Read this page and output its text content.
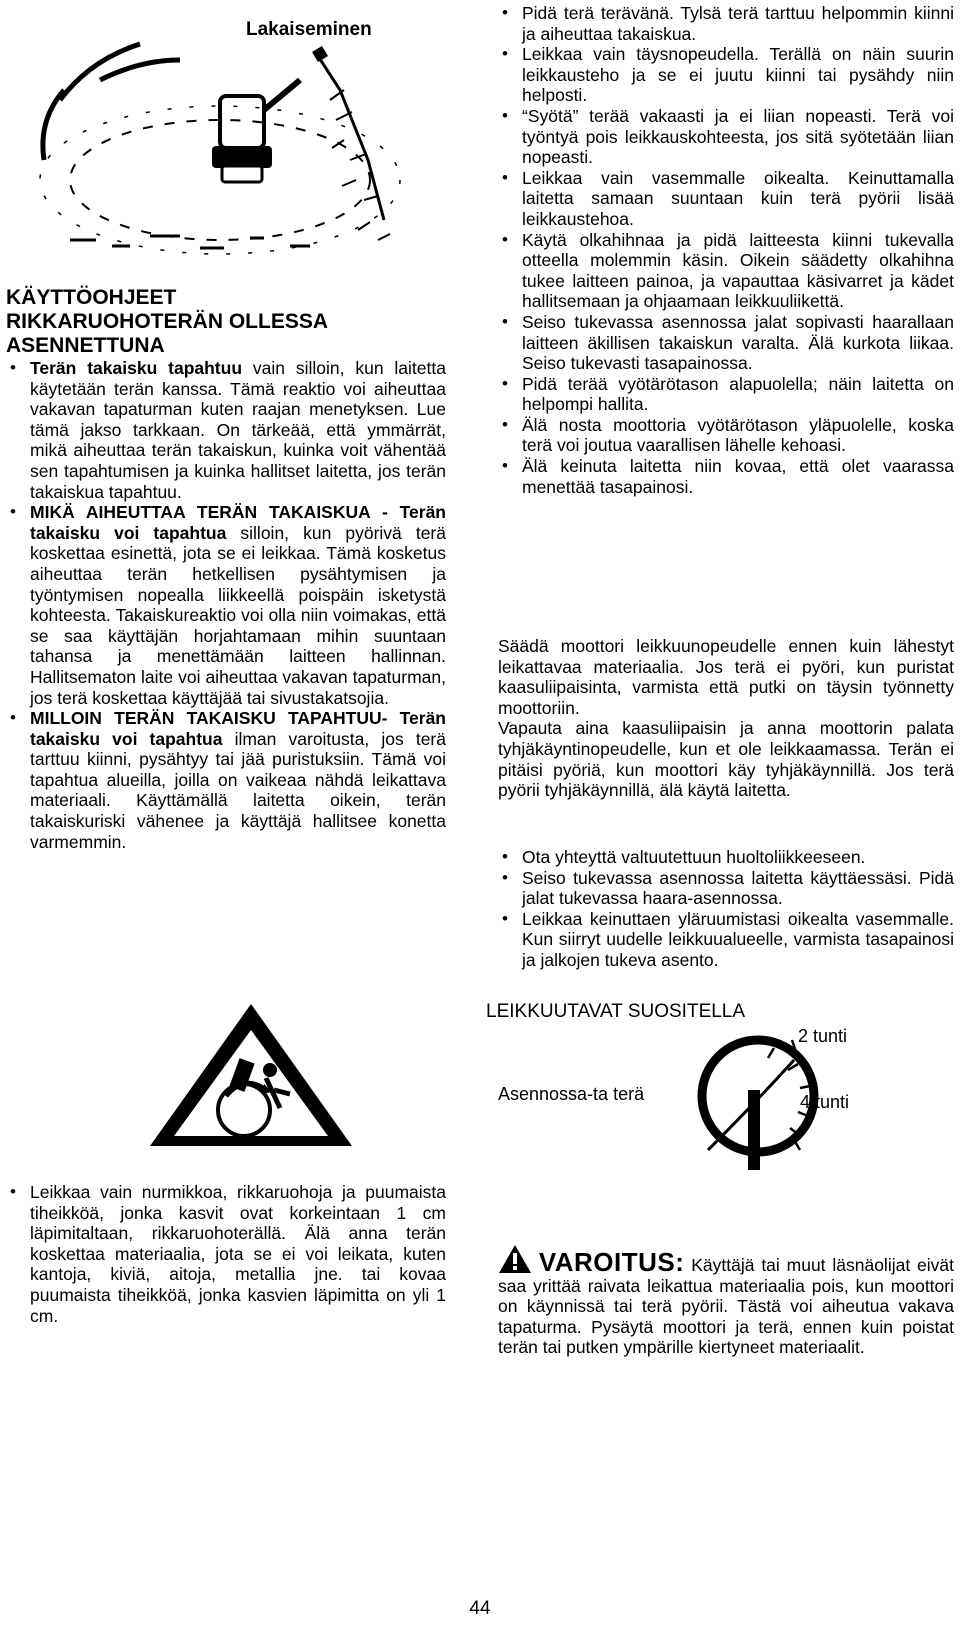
Lakaiseminen

KÄYTTÖOHJEET

RIKKARUOHOTERÄN OLLESSA

ASENNETTUNA

• Terän takaisku tapahtuu vain silloin, kun laitetta käytetään terän kanssa. Tämä reaktio voi aiheuttaa vakavan tapaturman kuten raajan menetyksen. Lue tämä jakso tarkkaan. On tärkeää, että ymmärrät, mikä aiheuttaa terän takaiskun, kuinka voit vähentää sen tapahtumisen ja kuinka hallitset laitetta, jos terän takaiskua tapahtuu.
• MIKÄ AIHEUTTAA TERÄN TAKAISKUA - Terän takaisku voi tapahtua silloin, kun pyörivä terä koskettaa esinettä, jota se ei leikkaa. Tämä kosketus aiheuttaa terän hetkellisen pysähtymisen ja työntymisen nopealla liikkeellä poispäin isketystä kohteesta. Takaiskureaktio voi olla niin voimakas, että se saa käyttäjän horjahtamaan mihin suuntaan tahansa ja menettämään laitteen hallinnan. Hallitsematon laite voi aiheuttaa vakavan tapaturman, jos terä koskettaa käyttäjää tai sivustakatsojia.
• MILLOIN TERÄN TAKAISKU TAPAHTUU- Terän takaisku voi tapahtua ilman varoitusta, jos terä tarttuu kiinni, pysähtyy tai jää puristuksiin. Tämä voi tapahtua alueilla, joilla on vaikeaa nähdä leikattava materiaali. Käyttämällä laitetta oikein, terän takaiskuriski vähenee ja käyttäjä hallitsee konetta varmemmin.
• Leikkaa vain nurmikkoa, rikkaruohoja ja puumaista tiheikköä, jonka kasvit ovat korkeintaan 1 cm läpimitaltaan, rikkaruohoterällä. Älä anna terän koskettaa materiaalia, jota se ei voi leikata, kuten kantoja, kiviä, aitoja, metallia jne. tai kovaa puumaista tiheikköä, jonka kasvien läpimitta on yli 1 cm.
• Pidä terä terävänä. Tylsä terä tarttuu helpommin kiinni ja aiheuttaa takaiskua.
• Leikkaa vain täysnopeudella. Terällä on näin suurin leikkausteho ja se ei juutu kiinni tai pysähdy niin helposti.
• “Syötä” terää vakaasti ja ei liian nopeasti. Terä voi työntyä pois leikkauskohteesta, jos sitä syötetään liian nopeasti.
• Leikkaa vain vasemmalle oikealta. Keinuttamalla laitetta samaan suuntaan kuin terä pyörii lisää leikkaustehoa.
• Käytä olkahihnaa ja pidä laitteesta kiinni tukevalla otteella molemmin käsin. Oikein säädetty olkahihna tukee laitteen painoa, ja vapauttaa käsivarret ja kädet hallitsemaan ja ohjaamaan leikkuuliikettä.
• Seiso tukevassa asennossa jalat sopivasti haarallaan laitteen äkillisen takaiskun varalta. Älä kurkota liikaa. Seiso tukevasti tasapainossa.
• Pidä terää vyötärötason alapuolella; näin laitetta on helpompi hallita.
• Älä nosta moottoria vyötärötason yläpuolelle, koska terä voi joutua vaarallisen lähelle kehoasi.
• Älä keinuta laitetta niin kovaa, että olet vaarassa menettää tasapainosi.

Säädä moottori leikkuunopeudelle ennen kuin lähestyt leikattavaa materiaalia. Jos terä ei pyöri, kun puristat kaasuliipaisinta, varmista että putki on täysin työnnetty moottoriin.

Vapauta aina kaasuliipaisin ja anna moottorin palata tyhjäkäyntinopeudelle, kun et ole leikkaamassa. Terän ei pitäisi pyöriä, kun moottori käy tyhjäkäynnillä. Jos terä pyörii tyhjäkäynnillä, älä käytä laitetta.

• Ota yhteyttä valtuutettuun huoltoliikkeeseen.
• Seiso tukevassa asennossa laitetta käyttäessäsi. Pidä jalat tukevassa haara-asennossa.
• Leikkaa keinuttaen yläruumistasi oikealta vasemmalle. Kun siirryt uudelle leikkuualueelle, varmista tasapainosi ja jalkojen tukeva asento.
LEIKKUUTAVAT SUOSITELLA
2 tunti
4 tunti
Asennossa-ta terä

VAROITUS: Käyttäjä tai muut läsnäolijat eivät saa yrittää raivata leikattua materiaalia pois, kun moottori on käynnissä tai terä pyörii. Tästä voi aiheutua vakava tapaturma. Pysäytä moottori ja terä, ennen kuin poistat terän tai putken ympärille kiertyneet materiaalit.

44
